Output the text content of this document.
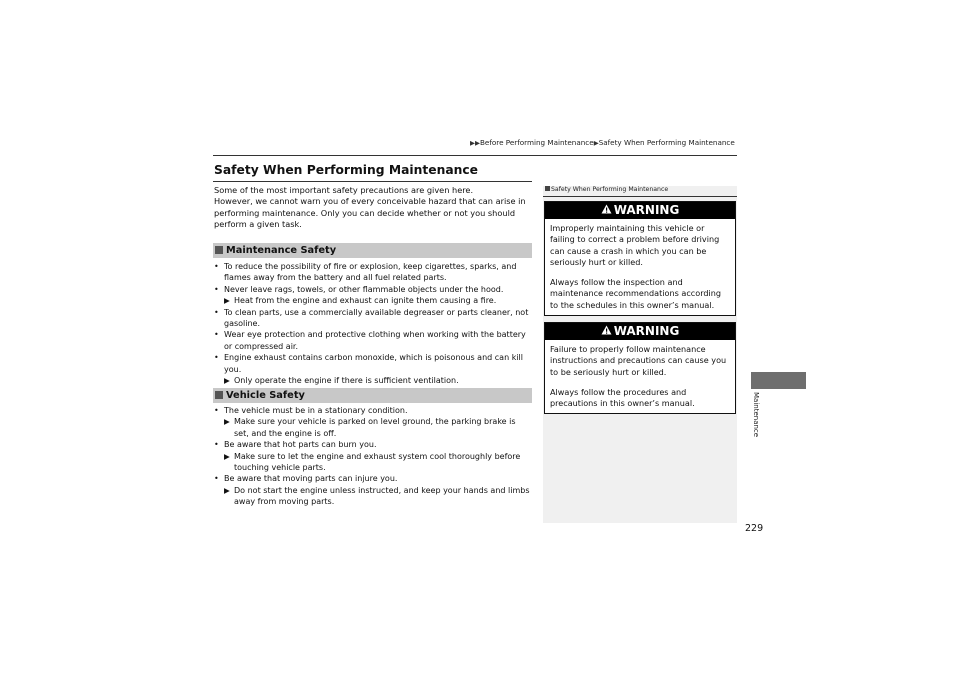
▶▶Before Performing Maintenance▶Safety When Performing Maintenance
Safety When Performing Maintenance

Some of the most important safety precautions are given here.

However, we cannot warn you of every conceivable hazard that can arise in performing maintenance. Only you can decide whether or not you should perform a given task.

Maintenance Safety
• To reduce the possibility of fire or explosion, keep cigarettes, sparks, and flames away from the battery and all fuel related parts.
• Never leave rags, towels, or other flammable objects under the hood.
▶ Heat from the engine and exhaust can ignite them causing a fire.
• To clean parts, use a commercially available degreaser or parts cleaner, not gasoline.
• Wear eye protection and protective clothing when working with the battery or compressed air.
• Engine exhaust contains carbon monoxide, which is poisonous and can kill you.
▶ Only operate the engine if there is sufficient ventilation.
Vehicle Safety
• The vehicle must be in a stationary condition.
▶ Make sure your vehicle is parked on level ground, the parking brake is set, and the engine is off.
• Be aware that hot parts can burn you.
▶ Make sure to let the engine and exhaust system cool thoroughly before touching vehicle parts.
• Be aware that moving parts can injure you.
▶ Do not start the engine unless instructed, and keep your hands and limbs away from moving parts.
Safety When Performing Maintenance
WARNING

Improperly maintaining this vehicle or failing to correct a problem before driving can cause a crash in which you can be seriously hurt or killed.

Always follow the inspection and maintenance recommendations according to the schedules in this owner’s manual.

WARNING

Failure to properly follow maintenance instructions and precautions can cause you to be seriously hurt or killed.

Always follow the procedures and precautions in this owner’s manual.	Maintenance
229
